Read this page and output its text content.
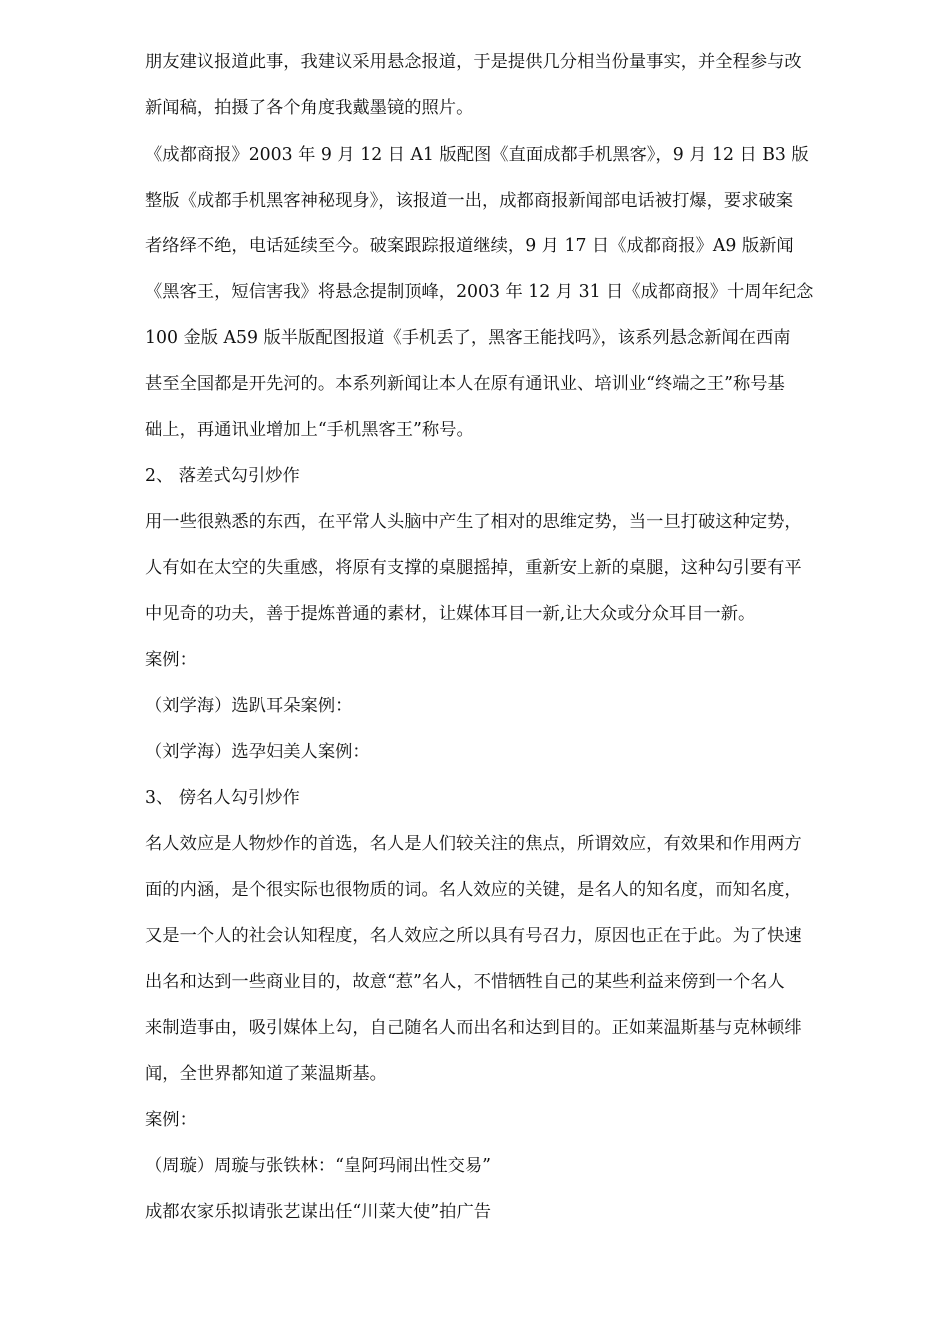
朋友建议报道此事，我建议采用悬念报道，于是提供几分相当份量事实，并全程参与改
新闻稿，拍摄了各个角度我戴墨镜的照片。
《成都商报》2003 年 9 月 12 日 A1 版配图《直面成都手机黑客》，9 月 12 日 B3 版
整版《成都手机黑客神秘现身》，该报道一出，成都商报新闻部电话被打爆，要求破案
者络绎不绝，电话延续至今。破案跟踪报道继续，9 月 17 日《成都商报》A9 版新闻
《黑客王，短信害我》将悬念提制顶峰，2003 年 12 月 31 日《成都商报》十周年纪念
100 金版 A59 版半版配图报道《手机丢了，黑客王能找吗》，该系列悬念新闻在西南
甚至全国都是开先河的。本系列新闻让本人在原有通讯业、培训业“终端之王”称号基
础上，再通讯业增加上“手机黑客王”称号。
2、 落差式勾引炒作
用一些很熟悉的东西，在平常人头脑中产生了相对的思维定势，当一旦打破这种定势，
人有如在太空的失重感，将原有支撑的桌腿摇掉，重新安上新的桌腿，这种勾引要有平
中见奇的功夫，善于提炼普通的素材，让媒体耳目一新,让大众或分众耳目一新。
案例：
（刘学海）选趴耳朵案例：
（刘学海）选孕妇美人案例：
3、 傍名人勾引炒作
名人效应是人物炒作的首选，名人是人们较关注的焦点，所谓效应，有效果和作用两方
面的内涵，是个很实际也很物质的词。名人效应的关键，是名人的知名度，而知名度，
又是一个人的社会认知程度，名人效应之所以具有号召力，原因也正在于此。为了快速
出名和达到一些商业目的，故意“惹”名人，不惜牺牲自己的某些利益来傍到一个名人
来制造事由，吸引媒体上勾，自己随名人而出名和达到目的。正如莱温斯基与克林顿绯
闻，全世界都知道了莱温斯基。
案例：
（周璇）周璇与张铁林：“皇阿玛闹出性交易”
成都农家乐拟请张艺谋出任“川菜大使”拍广告
